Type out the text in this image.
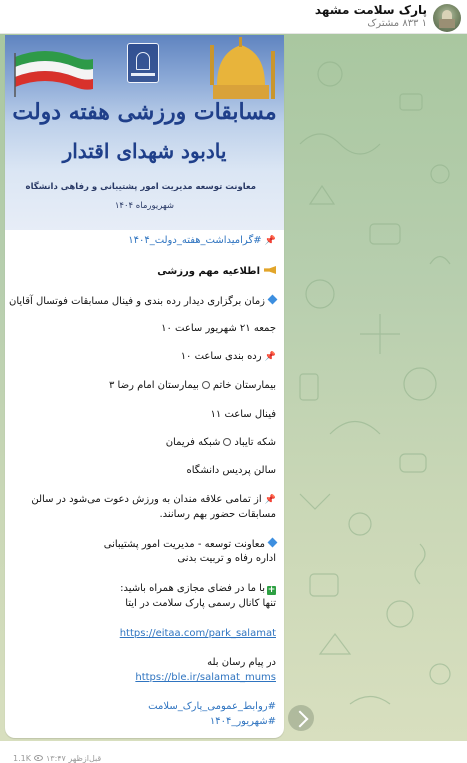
پارک سلامت مشهد
۱ ۸۳۳ مشترک
مسابقات ورزشی هفته دولت
یادبود شهدای اقتدار
معاونت توسعه مدیریت امور پشتیبانی و رفاهی دانشگاه
شهریورماه ۱۴۰۴
📌 #گرامیداشت_هفته_دولت_۱۴۰۴
اطلاعیه مهم ورزشی
زمان برگزاری دیدار رده بندی و فینال مسابقات فوتسال آقایان
جمعه ۲۱ شهریور ساعت ۱۰
📌 رده بندی ساعت ۱۰
بیمارستان خاتمبیمارستان امام رضا ۳
فینال ساعت ۱۱
شکه تایبادشبکه فریمان
سالن پردیس دانشگاه
📌 از تمامی علاقه مندان به ورزش دعوت می‌شود در سالن
مسابقات حضور بهم رسانند.
معاونت توسعه - مدیریت امور پشتیبانی
اداره رفاه و تربیت بدنی
+با ما در فضای مجازی همراه باشید:
تنها کانال رسمی پارک سلامت در ایتا
https://eitaa.com/park_salamat
در پیام رسان بله
https://ble.ir/salamat_mums
#روابط_عمومی_پارک_سلامت
#شهریور_۱۴۰۴
1.1K ۱۳:۴۷ قبل‌ازظهر
